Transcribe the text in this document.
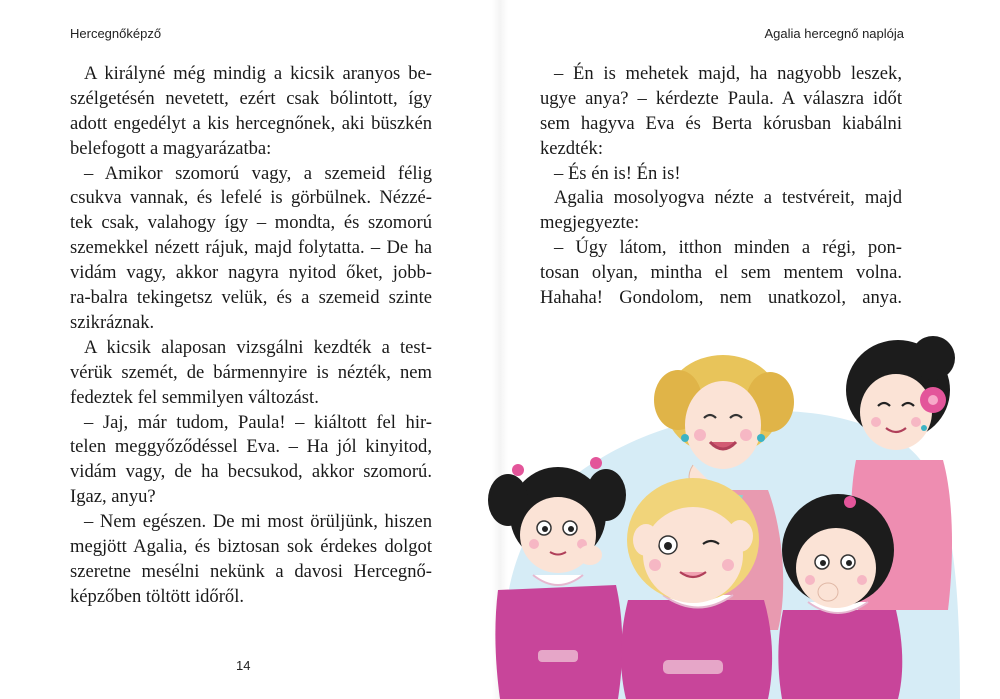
Hercegnőképző
A királyné még mindig a kicsik aranyos be-
szélgetésén nevetett, ezért csak bólintott, így
adott engedélyt a kis hercegnőnek, aki büszkén
belefogott a magyarázatba:
– Amikor szomorú vagy, a szemeid félig
csukva vannak, és lefelé is görbülnek. Nézzé-
tek csak, valahogy így – mondta, és szomorú
szemekkel nézett rájuk, majd folytatta. – De ha
vidám vagy, akkor nagyra nyitod őket, jobb-
ra-balra tekingetsz velük, és a szemeid szinte
szikráznak.
A kicsik alaposan vizsgálni kezdték a test-
vérük szemét, de bármennyire is nézték, nem
fedeztek fel semmilyen változást.
– Jaj, már tudom, Paula! – kiáltott fel hir-
telen meggyőződéssel Eva. – Ha jól kinyitod,
vidám vagy, de ha becsukod, akkor szomorú.
Igaz, anyu?
– Nem egészen. De mi most örüljünk, hiszen
megjött Agalia, és biztosan sok érdekes dolgot
szeretne mesélni nekünk a davosi Hercegnő-
képzőben töltött időről.
14
Agalia hercegnő naplója
– Én is mehetek majd, ha nagyobb leszek,
ugye anya? – kérdezte Paula. A válaszra időt
sem hagyva Eva és Berta kórusban kiabálni
kezdték:
– És én is! Én is!
Agalia mosolyogva nézte a testvéreit, majd
megjegyezte:
– Úgy látom, itthon minden a régi, pon-
tosan olyan, mintha el sem mentem volna.
Hahaha! Gondolom, nem unatkozol, anya.
